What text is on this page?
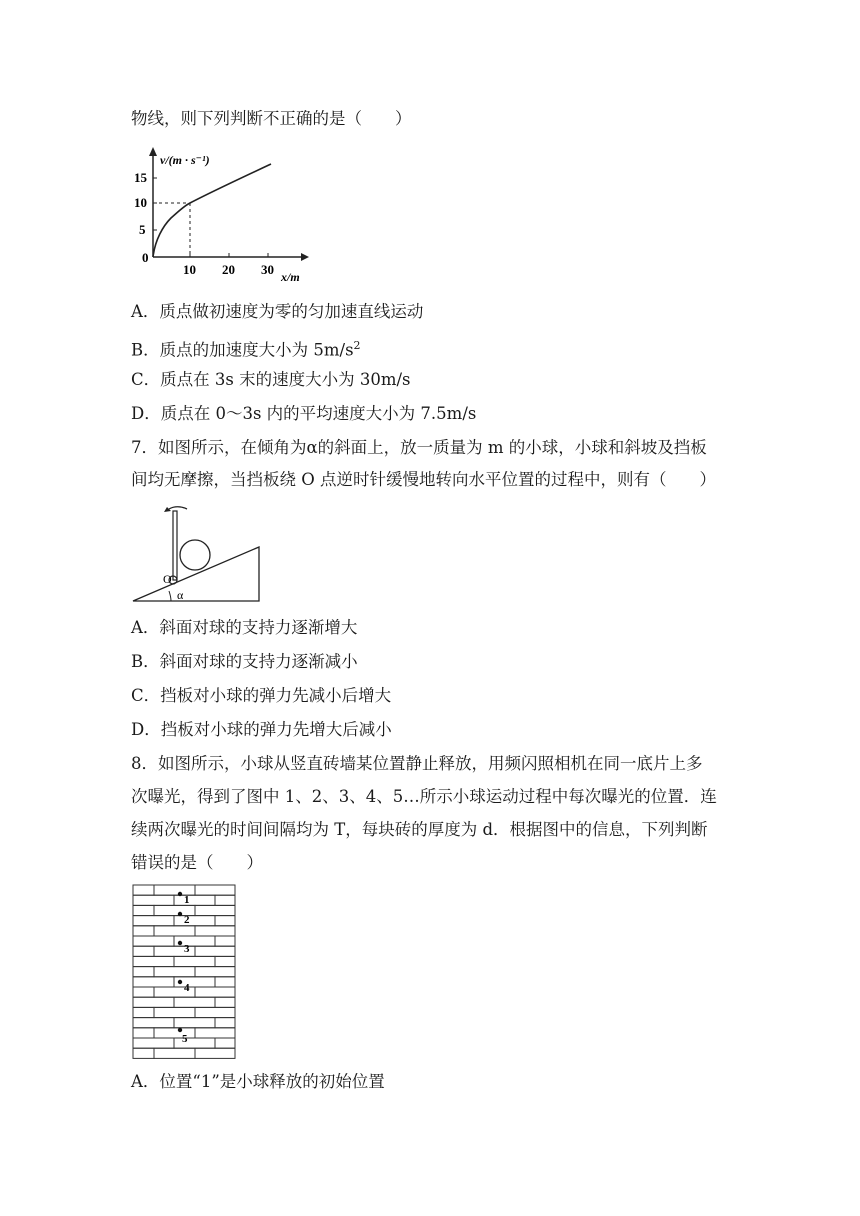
物线，则下列判断不正确的是（　　）
v/(m · s⁻¹)
x/m
15
10
5
0
10 20 30
A．质点做初速度为零的匀加速直线运动
B．质点的加速度大小为 $5m/s^2$
C．质点在 3s 末的速度大小为 30m/s
D．质点在 0～3s 内的平均速度大小为 7.5m/s
7．如图所示，在倾角为α的斜面上，放一质量为 m 的小球，小球和斜坡及挡板
间均无摩擦，当挡板绕 O 点逆时针缓慢地转向水平位置的过程中，则有（　　）
O
α
A．斜面对球的支持力逐渐增大
B．斜面对球的支持力逐渐减小
C．挡板对小球的弹力先减小后增大
D．挡板对小球的弹力先增大后减小
8．如图所示，小球从竖直砖墙某位置静止释放，用频闪照相机在同一底片上多
次曝光，得到了图中 1、2、3、4、5…所示小球运动过程中每次曝光的位置．连
续两次曝光的时间间隔均为 T，每块砖的厚度为 d．根据图中的信息，下列判断
错误的是（　　）
1
2
3
4
5
A．位置“1”是小球释放的初始位置
